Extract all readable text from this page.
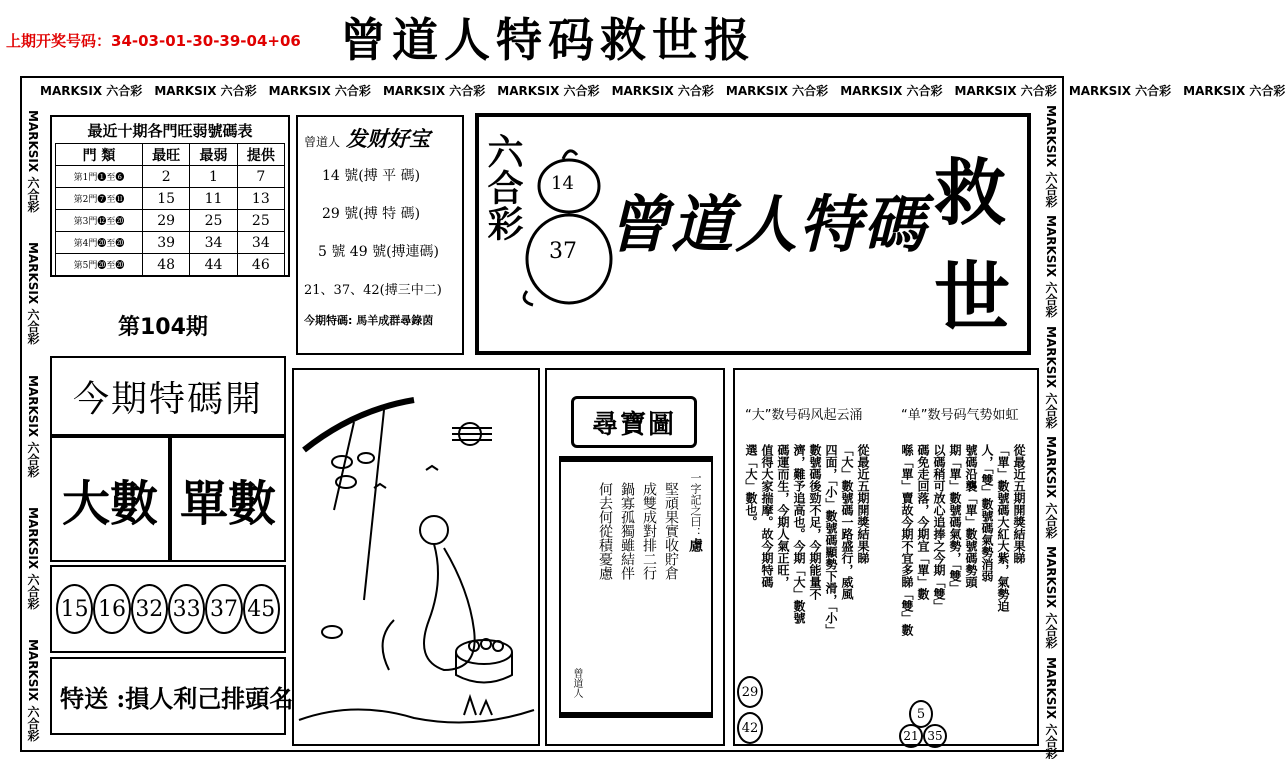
上期开奖号码：34-03-01-30-39-04+06 曾道人特码救世报
MARKSIX 六合彩 MARKSIX 六合彩 MARKSIX 六合彩 MARKSIX 六合彩 MARKSIX 六合彩 MARKSIX 六合彩 MARKSIX 六合彩 MARKSIX 六合彩 MARKSIX 六合彩 MARKSIX 六合彩 MARKSIX 六合彩
MARKSIX 六合彩
MARKSIX 六合彩
MARKSIX 六合彩
MARKSIX 六合彩
MARKSIX 六合彩
MARKSIX 六合彩
MARKSIX 六合彩
MARKSIX 六合彩
MARKSIX 六合彩
MARKSIX 六合彩
MARKSIX 六合彩
最近十期各門旺弱號碼表
門 類	最旺	最弱	提供
第1門❶至❻	2	1	7
第2門❼至⓫	15	11	13
第3門⓬至⓴	29	25	25
第4門⓴至⓴	39	34	34
第5門⓴至⓴	48	44	46
第104期
曾道人 发财好宝
14 號(搏 平 碼)
29 號(搏 特 碼)
5 號 49 號(搏連碼)
21、37、42(搏三中二)
今期特碼: 馬羊成群尋錄茵
六合彩
14
37 曾道人特碼 救
世
今期特碼開
大數 單數
15 16 32 33 37 45
特送 :損人利己排頭名
尋寶圖
一字記之曰：慮
堅頑果實收貯倉
成雙成對排二行
鍋寡孤獨雖結伴
何去何從積憂慮
曾道人
“大”数号码风起云涌	“单”数号码气势如虹
從最近五期開獎結果睇
「大」數號碼一路盛行，威風
四面，「小」數號碼顯勢下滑，「小」
數號碼後勁不足，今期能量不
濟，難予追高也。今期「大」數號
碼運而生，今期人氣正旺，
值得大家揣摩。故今期特碼
選「大」數也。	從最近五期開獎結果睇
「單」數號碼大紅大紫，氣勢迫
人，「雙」數號碼氣勢消弱
號碼沿襲「單」數號碼勢頭
期「單」數號碼氣勢，「雙」
以碼稍可放心追捧之今期「雙」
碼免走回落，今期宜「單」數
喺「單」賣故今期不宜多睇「雙」數
29
42
5
21 35
